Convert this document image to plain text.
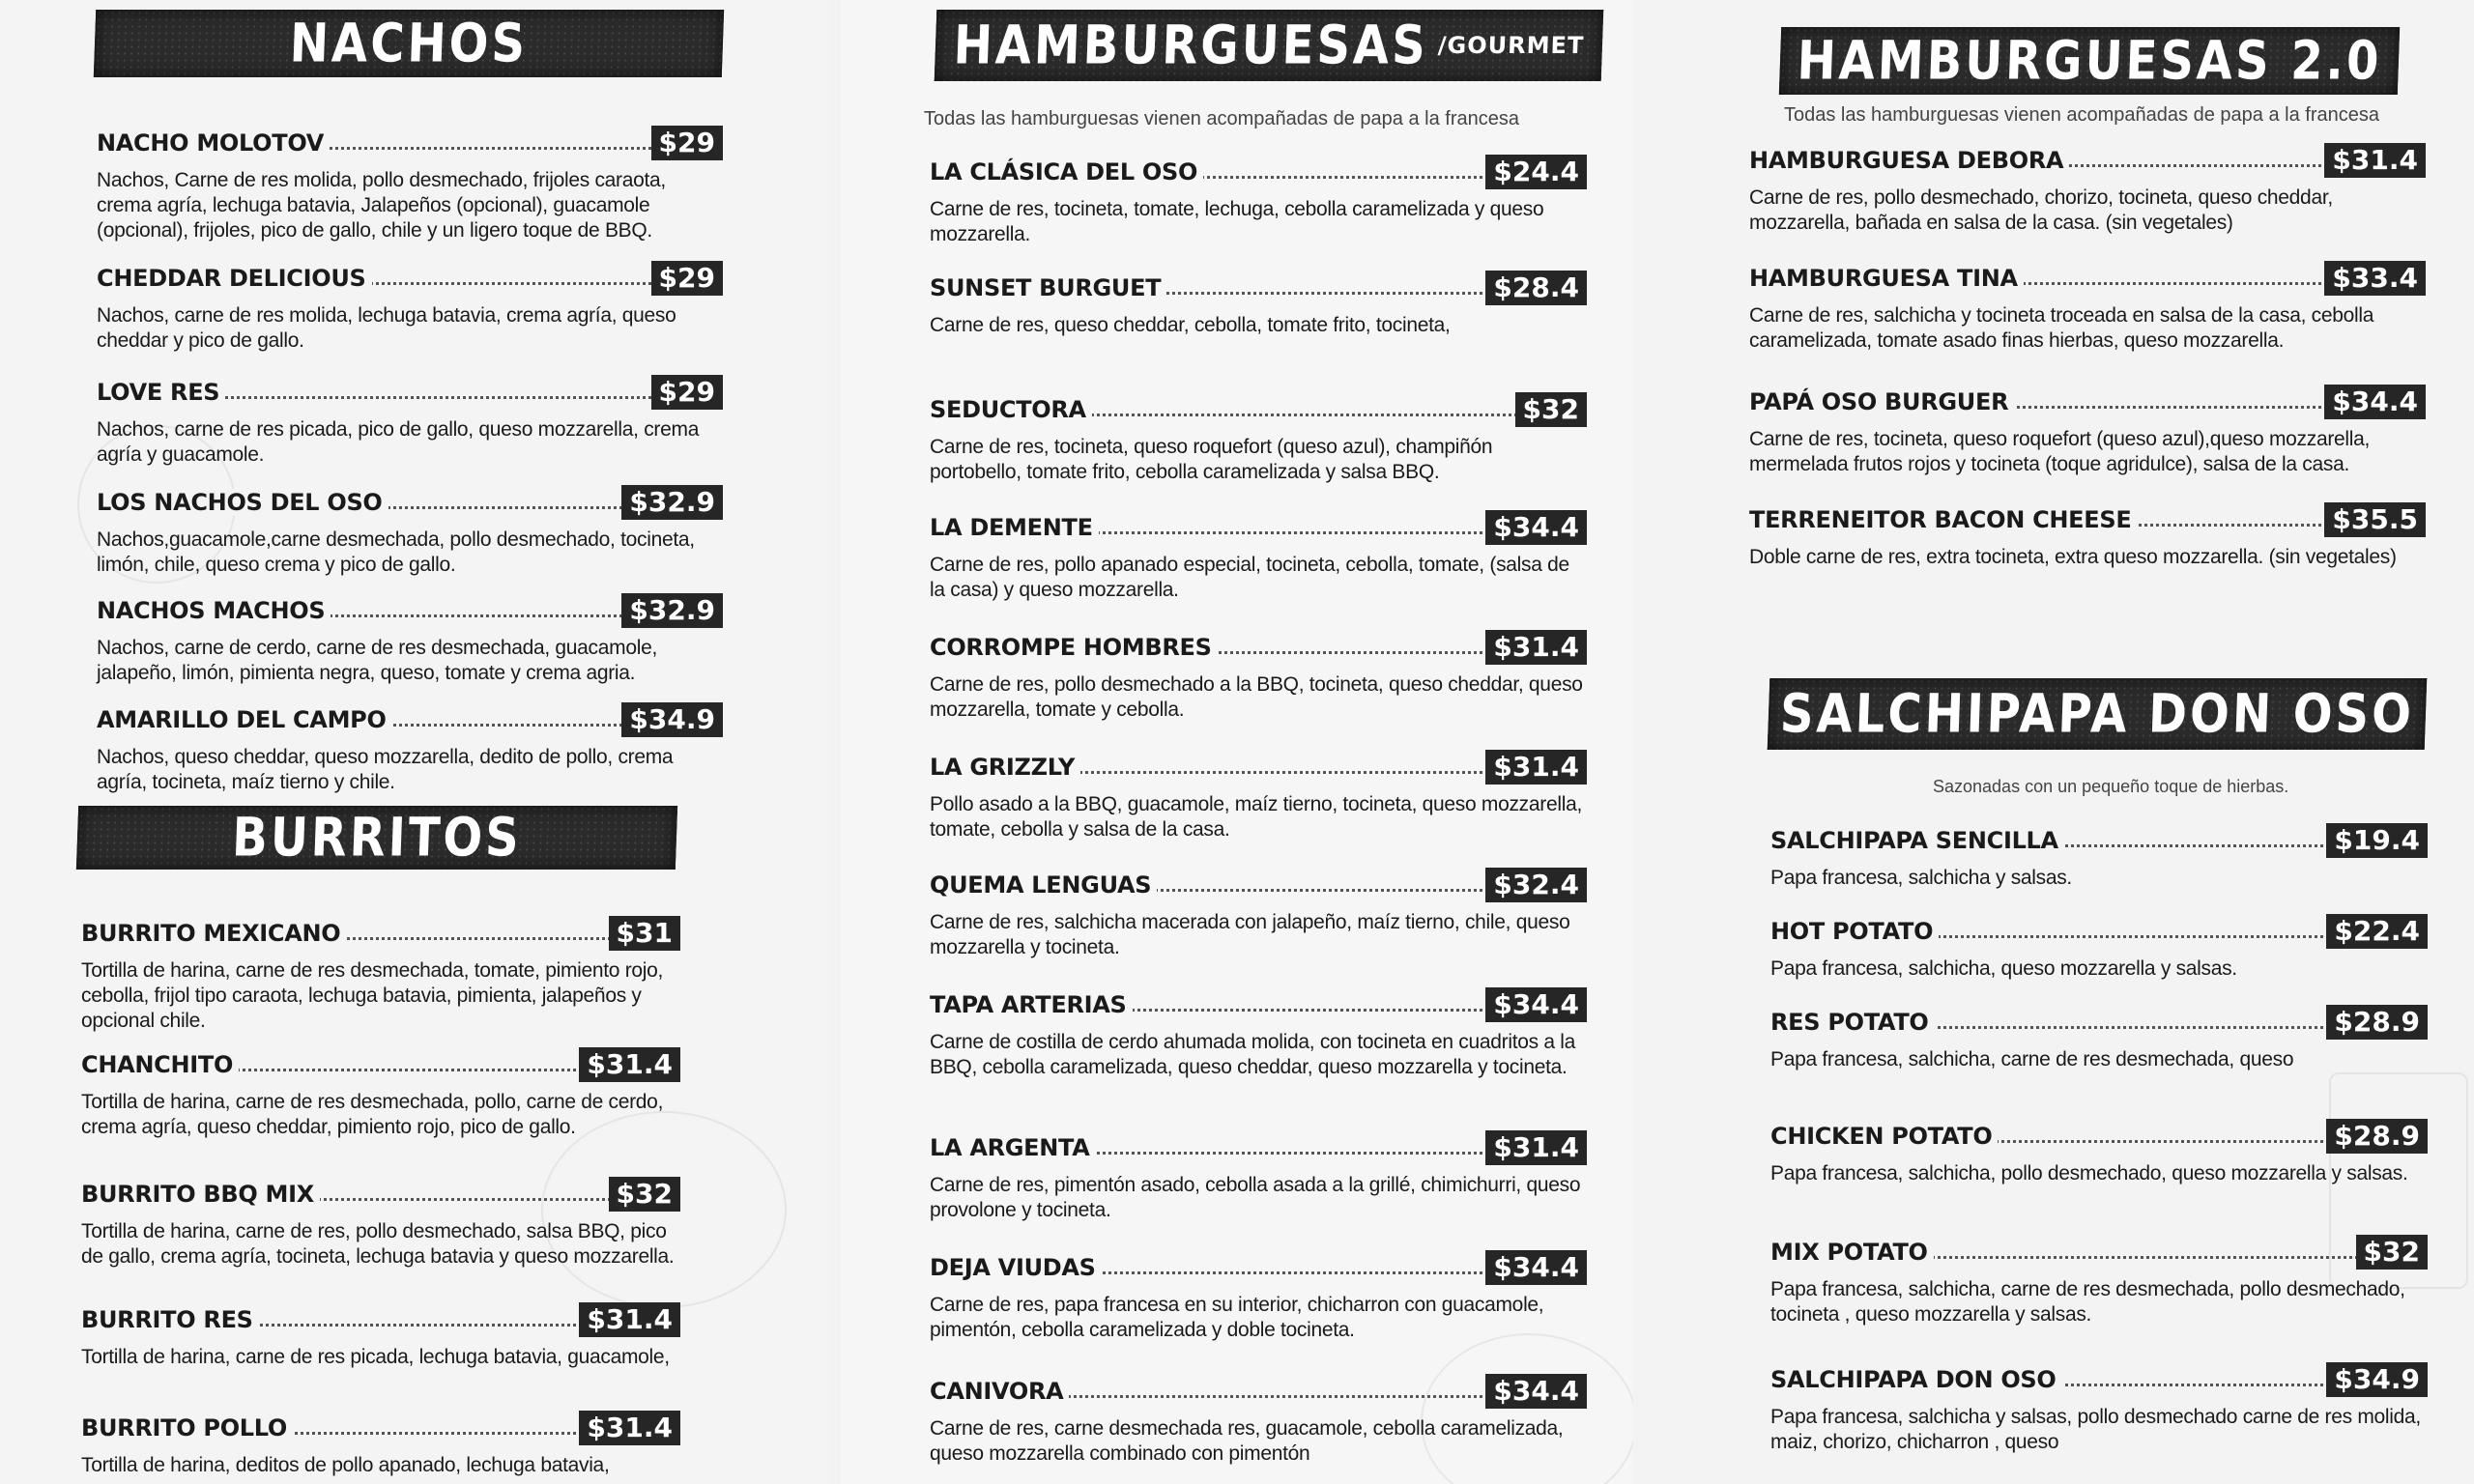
NACHOS
NACHO MOLOTOV	$29
Nachos, Carne de res molida, pollo desmechado, frijoles caraota, crema agría, lechuga batavia, Jalapeños (opcional), guacamole (opcional), frijoles, pico de gallo, chile y un ligero toque de BBQ.
CHEDDAR DELICIOUS	$29
Nachos, carne de res molida, lechuga batavia, crema agría, queso cheddar y pico de gallo.
LOVE RES	$29
Nachos, carne de res picada, pico de gallo, queso mozzarella, crema agría y guacamole.
LOS NACHOS DEL OSO	$32.9
Nachos,guacamole,carne desmechada, pollo desmechado, tocineta, limón, chile, queso crema y pico de gallo.
NACHOS MACHOS	$32.9
Nachos, carne de cerdo, carne de res desmechada, guacamole, jalapeño, limón, pimienta negra, queso, tomate y crema agria.
AMARILLO DEL CAMPO	$34.9
Nachos, queso cheddar, queso mozzarella, dedito de pollo, crema agría, tocineta, maíz tierno y chile.
BURRITOS
BURRITO MEXICANO	$31
Tortilla de harina, carne de res desmechada, tomate, pimiento rojo, cebolla, frijol tipo caraota, lechuga batavia, pimienta, jalapeños y opcional chile.
CHANCHITO	$31.4
Tortilla de harina, carne de res desmechada, pollo, carne de cerdo, crema agría, queso cheddar, pimiento rojo, pico de gallo.
BURRITO BBQ MIX	$32
Tortilla de harina, carne de res, pollo desmechado, salsa BBQ, pico de gallo, crema agría, tocineta, lechuga batavia y queso mozzarella.
BURRITO RES	$31.4
Tortilla de harina, carne de res picada, lechuga batavia, guacamole,
BURRITO POLLO	$31.4
Tortilla de harina, deditos de pollo apanado, lechuga batavia,
HAMBURGUESAS /GOURMET
Todas las hamburguesas vienen acompañadas de papa a la francesa
LA CLÁSICA DEL OSO	$24.4
Carne de res, tocineta, tomate, lechuga, cebolla caramelizada y queso mozzarella.
SUNSET BURGUET	$28.4
Carne de res, queso cheddar, cebolla, tomate frito, tocineta,
SEDUCTORA	$32
Carne de res, tocineta, queso roquefort (queso azul), champiñón portobello, tomate frito, cebolla caramelizada y salsa BBQ.
LA DEMENTE	$34.4
Carne de res, pollo apanado especial, tocineta, cebolla, tomate, (salsa de la casa) y queso mozzarella.
CORROMPE HOMBRES	$31.4
Carne de res, pollo desmechado a la BBQ, tocineta, queso cheddar, queso mozzarella, tomate y cebolla.
LA GRIZZLY	$31.4
Pollo asado a la BBQ, guacamole, maíz tierno, tocineta, queso mozzarella, tomate, cebolla y salsa de la casa.
QUEMA LENGUAS	$32.4
Carne de res, salchicha macerada con jalapeño, maíz tierno, chile, queso mozzarella y tocineta.
TAPA ARTERIAS	$34.4
Carne de costilla de cerdo ahumada molida, con tocineta en cuadritos a la BBQ, cebolla caramelizada, queso cheddar, queso mozzarella y tocineta.
LA ARGENTA	$31.4
Carne de res, pimentón asado, cebolla asada a la grillé, chimichurri, queso provolone y tocineta.
DEJA VIUDAS	$34.4
Carne de res, papa francesa en su interior, chicharron con guacamole, pimentón, cebolla caramelizada y doble tocineta.
CANIVORA	$34.4
Carne de res, carne desmechada res, guacamole, cebolla caramelizada, queso mozzarella combinado con pimentón
HAMBURGUESAS 2.0
Todas las hamburguesas vienen acompañadas de papa a la francesa
HAMBURGUESA DEBORA	$31.4
Carne de res, pollo desmechado, chorizo, tocineta, queso cheddar, mozzarella, bañada en salsa de la casa. (sin vegetales)
HAMBURGUESA TINA	$33.4
Carne de res, salchicha y tocineta troceada en salsa de la casa, cebolla caramelizada, tomate asado finas hierbas, queso mozzarella.
PAPÁ OSO BURGUER	$34.4
Carne de res, tocineta, queso roquefort (queso azul),queso mozzarella, mermelada frutos rojos y tocineta (toque agridulce), salsa de la casa.
TERRENEITOR BACON CHEESE	$35.5
Doble carne de res, extra tocineta, extra queso mozzarella. (sin vegetales)
SALCHIPAPA DON OSO
Sazonadas con un pequeño toque de hierbas.
SALCHIPAPA SENCILLA	$19.4
Papa francesa, salchicha y salsas.
HOT POTATO	$22.4
Papa francesa, salchicha, queso mozzarella y salsas.
RES POTATO	$28.9
Papa francesa, salchicha, carne de res desmechada, queso
CHICKEN POTATO	$28.9
Papa francesa, salchicha, pollo desmechado, queso mozzarella y salsas.
MIX POTATO	$32
Papa francesa, salchicha, carne de res desmechada, pollo desmechado, tocineta , queso mozzarella y salsas.
SALCHIPAPA DON OSO	$34.9
Papa francesa, salchicha y salsas, pollo desmechado carne de res molida, maiz, chorizo, chicharron , queso
